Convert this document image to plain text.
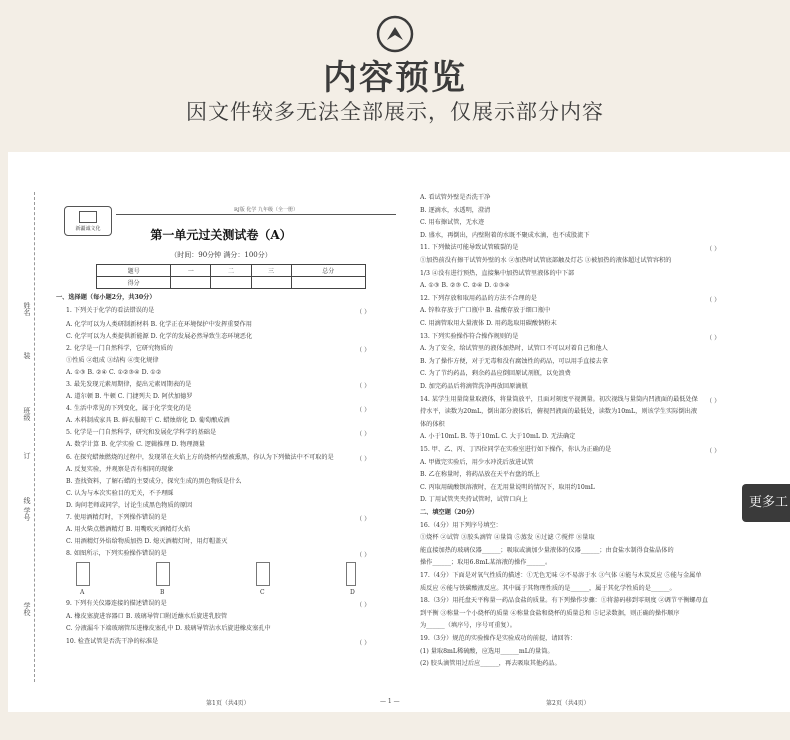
内容预览
因文件较多无法全部展示，仅展示部分内容
姓名
装
班级
订
线
学号
学校
新疆诚文化
RJ版 化学 九年级（全一册）
第一单元过关测试卷（A）
（时间：90分钟 满分：100分）
题号	一	二	三	总分
得分				
一、选择题（每小题2分，共30分）
1. 下列关于化学的看法错误的是	（ ）
A. 化学可以为人类研制新材料 B. 化学正在环境保护中发挥重要作用
C. 化学可以为人类提供新能源 D. 化学的发展必然导致生态环境恶化
2. 化学是一门自然科学，它研究物质的	（ ）
①性质 ②组成 ③结构 ④变化规律
A. ①③ B. ②④ C. ①②③④ D. ①②
3. 最先发现元素周期律，提出元素周期表的是	（ ）
A. 道尔顿 B. 牛顿 C. 门捷列夫 D. 阿伏加德罗
4. 生活中常见的下列变化，属于化学变化的是	（ ）
A. 木料制成家具 B. 鲜衣服晾干 C. 蜡烛熔化 D. 葡萄酿成酒
5. 化学是一门自然科学，研究和发展化学科学的基础是	（ ）
A. 数学计算 B. 化学实验 C. 逻辑推理 D. 物理测量
6. 在探究蜡烛燃烧的过程中，发现罩在火焰上方的烧杯内壁被熏黑，你认为下列做法中不可取的是	（ ）
A. 反复实验，并观察是否有相同的现象
B. 查找资料，了解石蜡的主要成分，探究生成的黑色物质是什么
C. 认为与本次实验目的无关，不予理睬
D. 询问老师或同学，讨论生成黑色物质的原因
7. 使用酒精灯时，下列操作错误的是	（ ）
A. 用火柴点燃酒精灯 B. 用嘴吹灭酒精灯火焰
C. 用酒精灯外焰给物质加热 D. 熄灭酒精灯时，用灯帽盖灭
8. 如图所示，下列实验操作错误的是	（ ）
9. 下列有关仪器连接的描述错误的是	（ ）
A. 橡皮塞旋进容器口 B. 玻璃导管口附近蘸水后旋进乳胶管
C. 分液漏斗下端玻璃管压进橡皮塞孔中 D. 玻璃导管沾水后旋进橡皮塞孔中
10. 检查试管是否洗干净的标准是	（ ）
A	B	C	D
第1页（共4页）	— 1 —
A. 看试管外壁是否洗干净
B. 逐滴水，水透明，澄清
C. 用布擦试管，无水迹
D. 盛水，再倒出，内壁附着的水既不聚成水滴，也不成股流下
11. 下列做法可能导致试管破裂的是	（ ）
①加热前没有擦干试管外壁的水 ②加热时试管底部触及灯芯 ③被加热的液体超过试管容积的
1/3 ④没有进行预热，直接集中加热试管里液体的中下部
A. ①③ B. ②③ C. ②④ D. ①③④
12. 下列存放和取用药品的方法不合理的是	（ ）
A. 锌粒存放于广口瓶中 B. 盐酸存放于细口瓶中
C. 用滴管取用大量液体 D. 用药匙取用碳酸钠粉末
13. 下列实验操作符合操作规则的是	（ ）
A. 为了安全，给试管里的液体加热时，试管口不可以对着自己和他人
B. 为了操作方便，对于无毒和没有腐蚀性的药品，可以用手直接去拿
C. 为了节约药品，剩余药品应倒回原试剂瓶，以免浪费
D. 加完药品后将滴管洗净再放回原滴瓶
14. 某学生用量筒量取液体，将量筒放平，且面对刻度平视测量。初次视线与量筒内凹液面的最低处保 （ ）
持水平，读数为20mL，倒出部分液体后，俯视凹液面的最低处，读数为10mL，则该学生实际倒出液
体的体积
A. 小于10mL B. 等于10mL C. 大于10mL D. 无法确定
15. 甲、乙、丙、丁四位同学在实验室进行如下操作，你认为正确的是	（ ）
A. 甲做完实验后，用少水冲洗后放进试管
B. 乙在称量时，将药品放在天平右盘的纸上
C. 丙取用硫酸钡溶液时，在无用量说明的情况下，取用约10mL
D. 丁用试管夹夹持试管时，试管口向上
二、填空题（20分）
16.（4分）用下列序号填空：
①烧杯 ②试管 ③胶头滴管 ④量筒 ⑤蒸发 ⑥过滤 ⑦搅拌 ⑧量取
能直接加热的玻璃仪器______；吸取或滴加少量液体的仪器______；由食盐水制得食盐晶体的
操作______；取用6.8mL某溶液的操作______。
17.（4分）下面是对氧气性质的描述：①无色无味 ②不易溶于水 ③气体 ④能与木炭反应 ⑤能与金属单
质反应 ⑥能与铁碳酸液反应。其中属于其物理性质的是______，属于其化学性质的是______。
18.（3分）用托盘天平称量一药品食盐的质量。有下列操作步骤：①将游码移到零刻度 ②调节平衡螺母直
到平衡 ③称量一个小烧杯的质量 ④称量食盐和烧杯的质量总和 ⑤记录数据，则正确的操作顺序
为______（填序号，序号可重复）。
19.（3分）规范的实验操作是实验成功的前提，请回答：
(1) 量取8mL稀硫酸，应选用______mL的量筒。
(2) 胶头滴管用过后应______，再去吸取其他药品。
第2页（共4页）
更多工
